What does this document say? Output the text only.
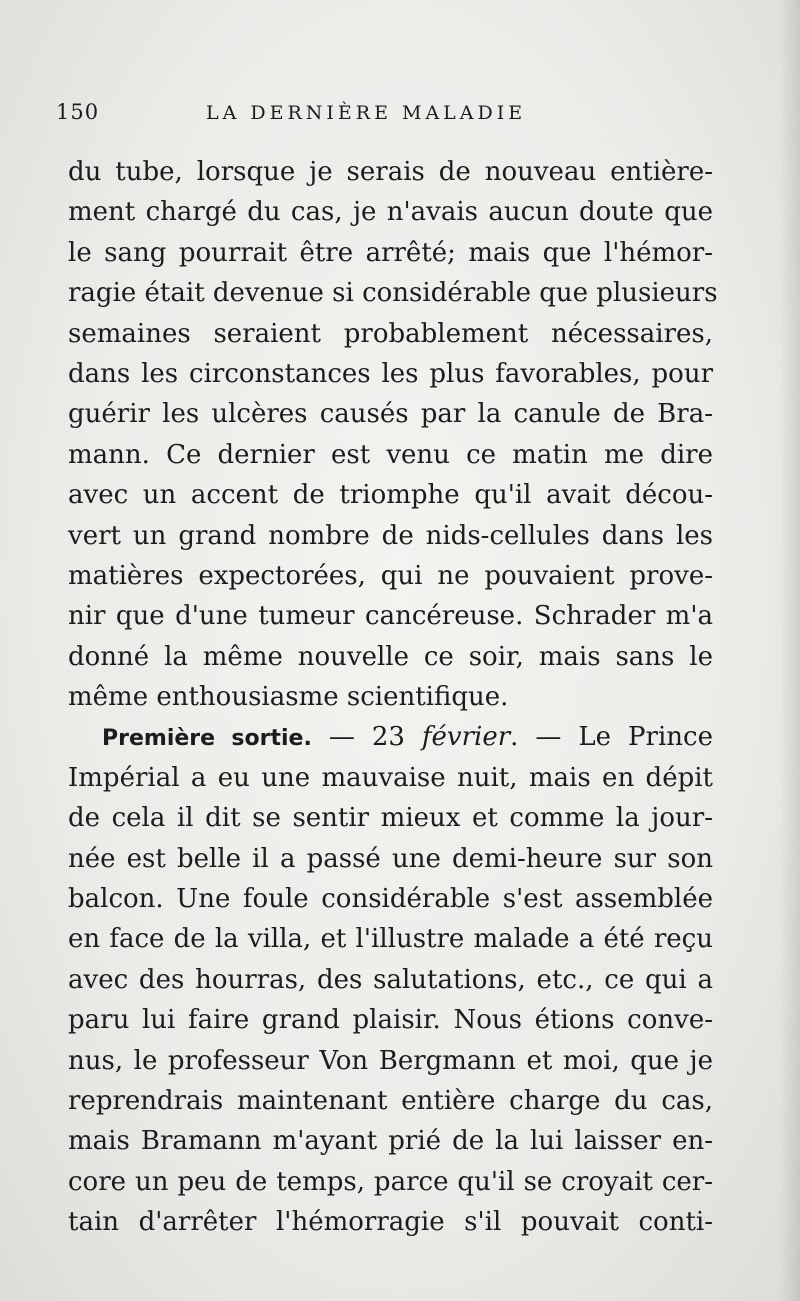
150	LA DERNIÈRE MALADIE
du tube, lorsque je serais de nouveau entière-
ment chargé du cas, je n'avais aucun doute que
le sang pourrait être arrêté; mais que l'hémor-
ragie était devenue si considérable que plusieurs
semaines seraient probablement nécessaires,
dans les circonstances les plus favorables, pour
guérir les ulcères causés par la canule de Bra-
mann. Ce dernier est venu ce matin me dire
avec un accent de triomphe qu'il avait décou-
vert un grand nombre de nids-cellules dans les
matières expectorées, qui ne pouvaient prove-
nir que d'une tumeur cancéreuse. Schrader m'a
donné la même nouvelle ce soir, mais sans le
même enthousiasme scientifique.
Première sortie. — 23 février. — Le Prince
Impérial a eu une mauvaise nuit, mais en dépit
de cela il dit se sentir mieux et comme la jour-
née est belle il a passé une demi-heure sur son
balcon. Une foule considérable s'est assemblée
en face de la villa, et l'illustre malade a été reçu
avec des hourras, des salutations, etc., ce qui a
paru lui faire grand plaisir. Nous étions conve-
nus, le professeur Von Bergmann et moi, que je
reprendrais maintenant entière charge du cas,
mais Bramann m'ayant prié de la lui laisser en-
core un peu de temps, parce qu'il se croyait cer-
tain d'arrêter l'hémorragie s'il pouvait conti-
